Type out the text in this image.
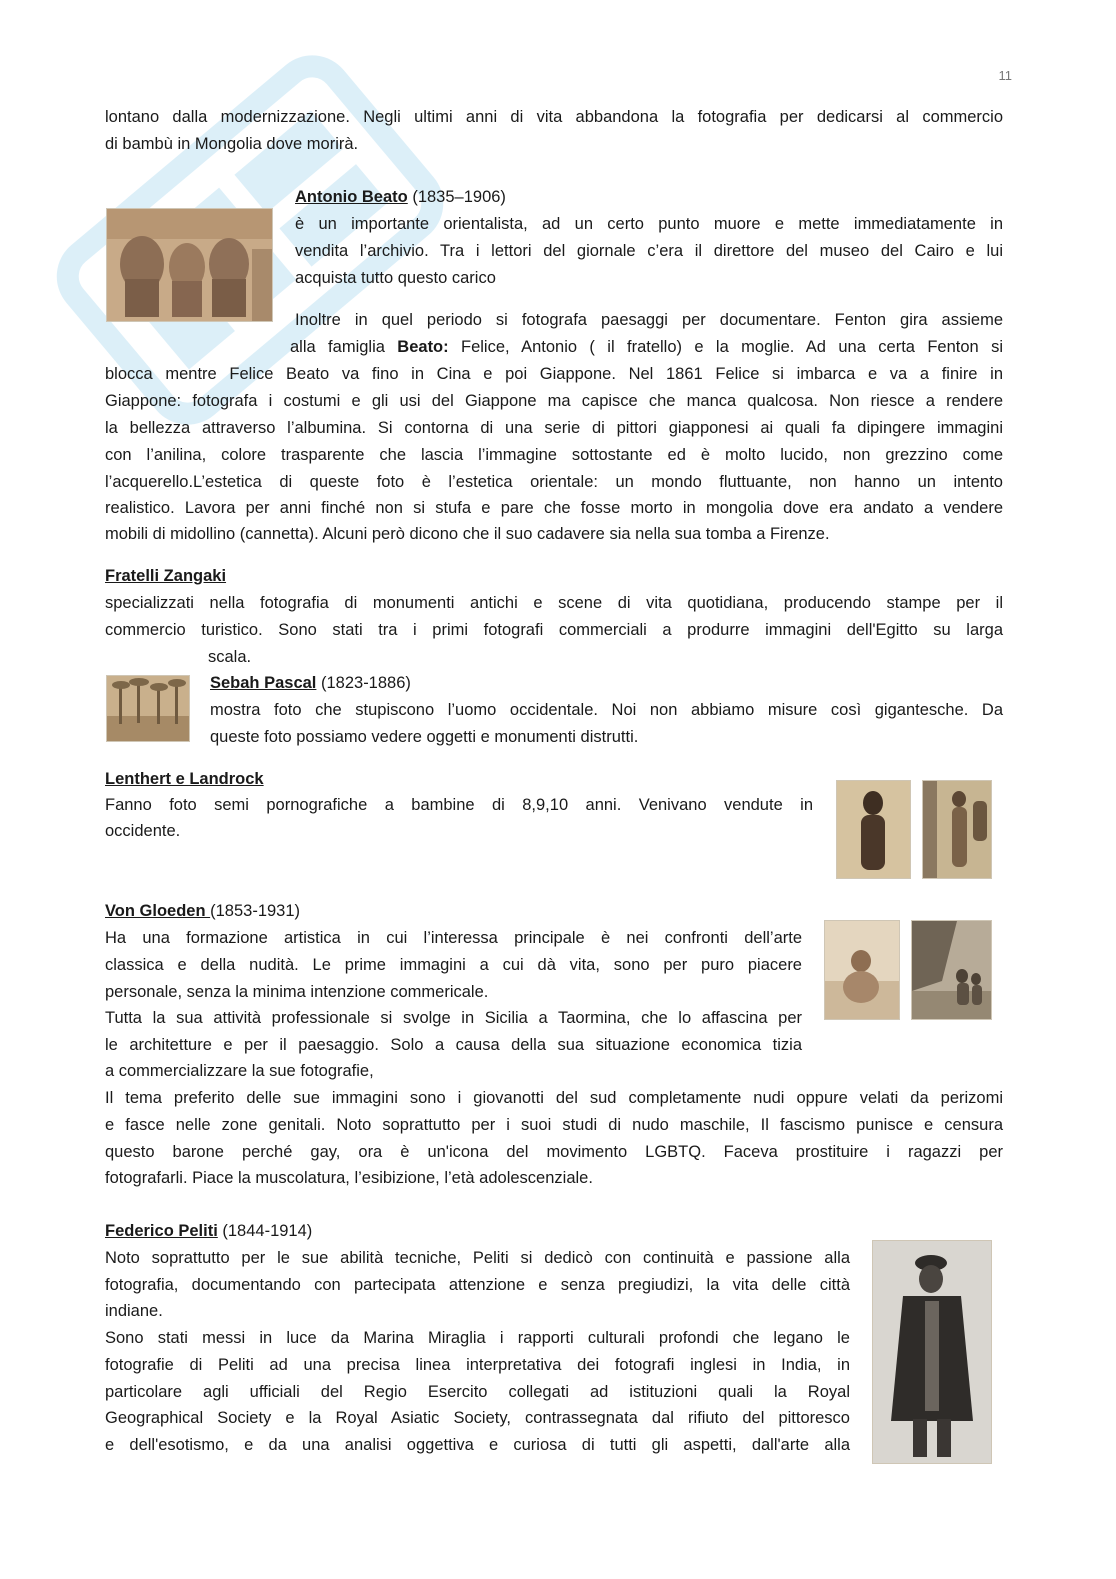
11

lontano dalla modernizzazione. Negli ultimi anni di vita abbandona la fotografia per dedicarsi al commercio

di bambù in Mongolia dove morirà.

Antonio Beato (1835–1906)

è un importante orientalista, ad un certo punto muore e mette immediatamente in

vendita l’archivio. Tra i lettori del giornale c’era il direttore del museo del Cairo e lui

acquista tutto questo carico

Inoltre in quel periodo si fotografa paesaggi per documentare. Fenton gira assieme

alla famiglia Beato: Felice, Antonio ( il fratello) e la moglie. Ad una certa Fenton si

blocca mentre Felice Beato va fino in Cina e poi Giappone. Nel 1861 Felice si imbarca e va a finire in

Giappone: fotografa i costumi e gli usi del Giappone ma capisce che manca qualcosa. Non riesce a rendere

la bellezza attraverso l’albumina. Si contorna di una serie di pittori giapponesi ai quali fa dipingere immagini

con l’anilina, colore trasparente che lascia l’immagine sottostante ed è molto lucido, non grezzino come

l’acquerello.L’estetica di queste foto è l’estetica orientale: un mondo fluttuante, non hanno un intento

realistico. Lavora per anni finché non si stufa e pare che fosse morto in mongolia dove era andato a vendere

mobili di midollino (cannetta). Alcuni però dicono che il suo cadavere sia nella sua tomba a Firenze.

Fratelli Zangaki

specializzati nella fotografia di monumenti antichi e scene di vita quotidiana, producendo stampe per il

commercio turistico. Sono stati tra i primi fotografi commerciali a produrre immagini dell'Egitto su larga

scala.

Sebah Pascal (1823-1886)

mostra foto che stupiscono l’uomo occidentale. Noi non abbiamo misure così gigantesche. Da

queste foto possiamo vedere oggetti e monumenti distrutti.

Lenthert e Landrock

Fanno foto semi pornografiche a bambine di 8,9,10 anni. Venivano vendute in

occidente.

Von Gloeden (1853-1931)

Ha una formazione artistica in cui l’interessa principale è nei confronti dell’arte

classica e della nudità. Le prime immagini a cui dà vita, sono per puro piacere

personale, senza la minima intenzione commericale.

Tutta la sua attività professionale si svolge in Sicilia a Taormina, che lo affascina per

le architetture e per il paesaggio. Solo a causa della sua situazione economica tizia

a commercializzare la sue fotografie,

Il tema preferito delle sue immagini sono i giovanotti del sud completamente nudi oppure velati da perizomi

e fasce nelle zone genitali. Noto soprattutto per i suoi studi di nudo maschile, Il fascismo punisce e censura

questo barone perché gay, ora è un'icona del movimento LGBTQ. Faceva prostituire i ragazzi per

fotografarli. Piace la muscolatura, l’esibizione, l’età adolescenziale.

Federico Peliti (1844-1914)

Noto soprattutto per le sue abilità tecniche, Peliti si dedicò con continuità e passione alla

fotografia, documentando con partecipata attenzione e senza pregiudizi, la vita delle città

indiane.

Sono stati messi in luce da Marina Miraglia i rapporti culturali profondi che legano le

fotografie di Peliti ad una precisa linea interpretativa dei fotografi inglesi in India, in

particolare agli ufficiali del Regio Esercito collegati ad istituzioni quali la Royal

Geographical Society e la Royal Asiatic Society, contrassegnata dal rifiuto del pittoresco

e dell'esotismo, e da una analisi oggettiva e curiosa di tutti gli aspetti, dall'arte alla
